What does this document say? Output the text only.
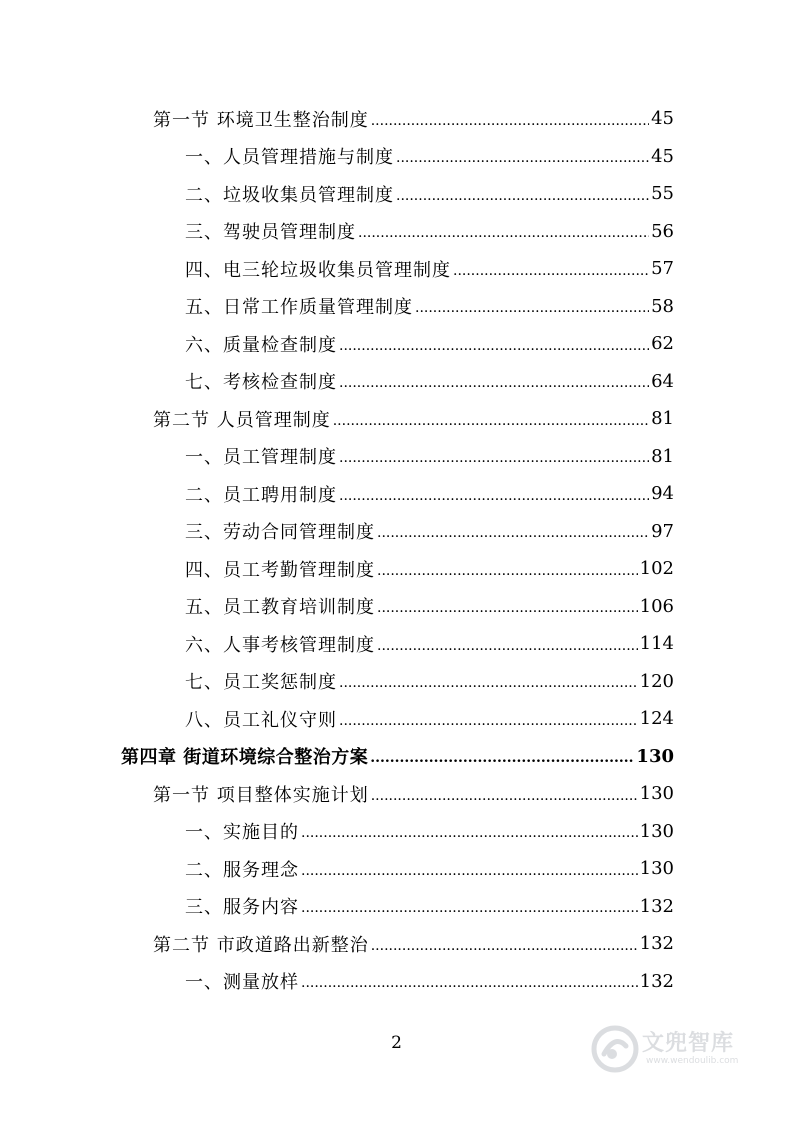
第一节 环境卫生整治制度 .....	45
一、人员管理措施与制度 .....	45
二、垃圾收集员管理制度 .....	55
三、驾驶员管理制度 .....	56
四、电三轮垃圾收集员管理制度 .....	57
五、日常工作质量管理制度 .....	58
六、质量检查制度 .....	62
七、考核检查制度 .....	64
第二节 人员管理制度 .....	81
一、员工管理制度 .....	81
二、员工聘用制度 .....	94
三、劳动合同管理制度 .....	97
四、员工考勤管理制度 .....	102
五、员工教育培训制度 .....	106
六、人事考核管理制度 .....	114
七、员工奖惩制度 .....	120
八、员工礼仪守则 .....	124
第四章 街道环境综合整治方案 .....	130
第一节 项目整体实施计划 .....	130
一、实施目的 .....	130
二、服务理念 .....	130
三、服务内容 .....	132
第二节 市政道路出新整治 .....	132
一、测量放样 .....	132
2	文兜智库
www.wendoulib.com
